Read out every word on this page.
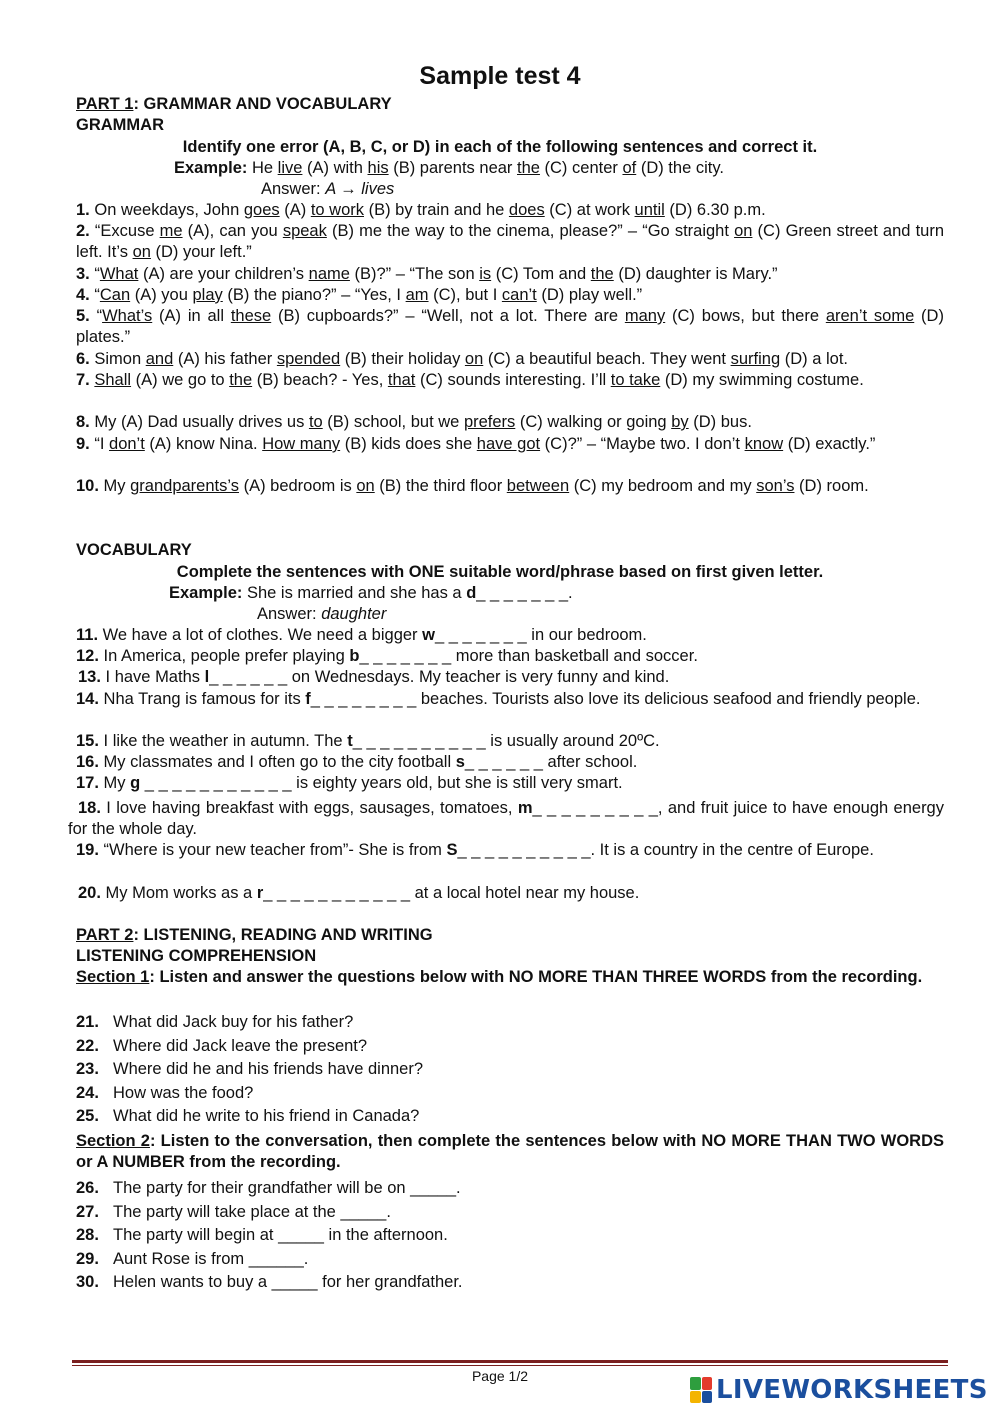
Sample test 4
PART 1: GRAMMAR AND VOCABULARY
GRAMMAR
Identify one error (A, B, C, or D) in each of the following sentences and correct it.
Example: He live (A) with his (B) parents near the (C) center of (D) the city.
Answer: A → lives
1. On weekdays, John goes (A) to work (B) by train and he does (C) at work until (D) 6.30 p.m.
2. “Excuse me (A), can you speak (B) me the way to the cinema, please?” – “Go straight on (C) Green street and turn left. It’s on (D) your left.”
3. “What (A) are your children’s name (B)?” – “The son is (C) Tom and the (D) daughter is Mary.”
4. “Can (A) you play (B) the piano?” – “Yes, I am (C), but I can’t (D) play well.”
5. “What’s (A) in all these (B) cupboards?” – “Well, not a lot. There are many (C) bows, but there aren’t some (D) plates.”
6. Simon and (A) his father spended (B) their holiday on (C) a beautiful beach. They went surfing (D) a lot.
7. Shall (A) we go to the (B) beach? - Yes, that (C) sounds interesting. I’ll to take (D) my swimming costume.
8. My (A) Dad usually drives us to (B) school, but we prefers (C) walking or going by (D) bus.
9. “I don’t (A) know Nina. How many (B) kids does she have got (C)?” – “Maybe two. I don’t know (D) exactly.”
10. My grandparents’s (A) bedroom is on (B) the third floor between (C) my bedroom and my son’s (D) room.
VOCABULARY
Complete the sentences with ONE suitable word/phrase based on first given letter.
Example: She is married and she has a d_ _ _ _ _ _ _.
Answer: daughter
11. We have a lot of clothes. We need a bigger w_ _ _ _ _ _ _ in our bedroom.
12. In America, people prefer playing b_ _ _ _ _ _ _ more than basketball and soccer.
13. I have Maths l_ _ _ _ _ _ on Wednesdays. My teacher is very funny and kind.
14. Nha Trang is famous for its f_ _ _ _ _ _ _ _ beaches. Tourists also love its delicious seafood and friendly people.
15. I like the weather in autumn. The t_ _ _ _ _ _ _ _ _ _ is usually around 20ºC.
16. My classmates and I often go to the city football s_ _ _ _ _ _ after school.
17. My g _ _ _ _ _ _ _ _ _ _ _ is eighty years old, but she is still very smart.
18. I love having breakfast with eggs, sausages, tomatoes, m_ _ _ _ _ _ _ _ _, and fruit juice to have enough energy for the whole day.
19. “Where is your new teacher from”- She is from S_ _ _ _ _ _ _ _ _ _. It is a country in the centre of Europe.
20. My Mom works as a r_ _ _ _ _ _ _ _ _ _ _ at a local hotel near my house.
PART 2: LISTENING, READING AND WRITING
LISTENING COMPREHENSION
Section 1: Listen and answer the questions below with NO MORE THAN THREE WORDS from the recording.
21. What did Jack buy for his father?
22. Where did Jack leave the present?
23. Where did he and his friends have dinner?
24. How was the food?
25. What did he write to his friend in Canada?
Section 2: Listen to the conversation, then complete the sentences below with NO MORE THAN TWO WORDS or A NUMBER from the recording.
26. The party for their grandfather will be on _____.
27. The party will take place at the _____.
28. The party will begin at _____ in the afternoon.
29. Aunt Rose is from ______.
30. Helen wants to buy a _____ for her grandfather.
Page 1/2	LIVEWORKSHEETS
